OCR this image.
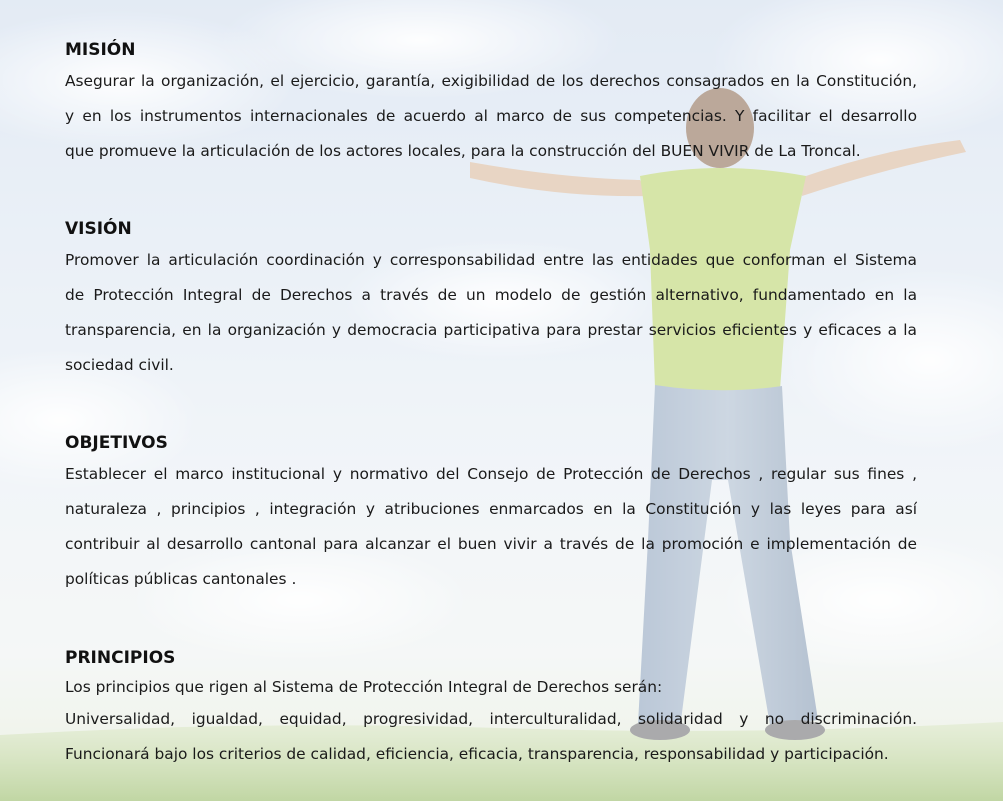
MISIÓN
Asegurar la organización, el ejercicio, garantía, exigibilidad de los derechos consagrados en la Constitución,
y en los instrumentos internacionales de acuerdo al marco de sus competencias. Y facilitar el desarrollo
que promueve la articulación de los actores locales, para la construcción del BUEN VIVIR de La Troncal.
VISIÓN
Promover la articulación coordinación y corresponsabilidad entre las entidades que conforman el Sistema
de Protección Integral de Derechos a través de un modelo de gestión alternativo, fundamentado en la
transparencia, en la organización y democracia participativa para prestar servicios eficientes y eficaces a la
sociedad civil.
OBJETIVOS
Establecer el marco institucional y normativo del Consejo de Protección de Derechos , regular sus fines ,
naturaleza , principios , integración y atribuciones enmarcados en la Constitución y las leyes para así
contribuir al desarrollo cantonal para alcanzar el buen vivir a través de la promoción e implementación de
políticas públicas cantonales .
PRINCIPIOS
Los principios que rigen al Sistema de Protección Integral de Derechos serán:
Universalidad, igualdad, equidad, progresividad, interculturalidad, solidaridad y no discriminación.
Funcionará bajo los criterios de calidad, eficiencia, eficacia, transparencia, responsabilidad y participación.
